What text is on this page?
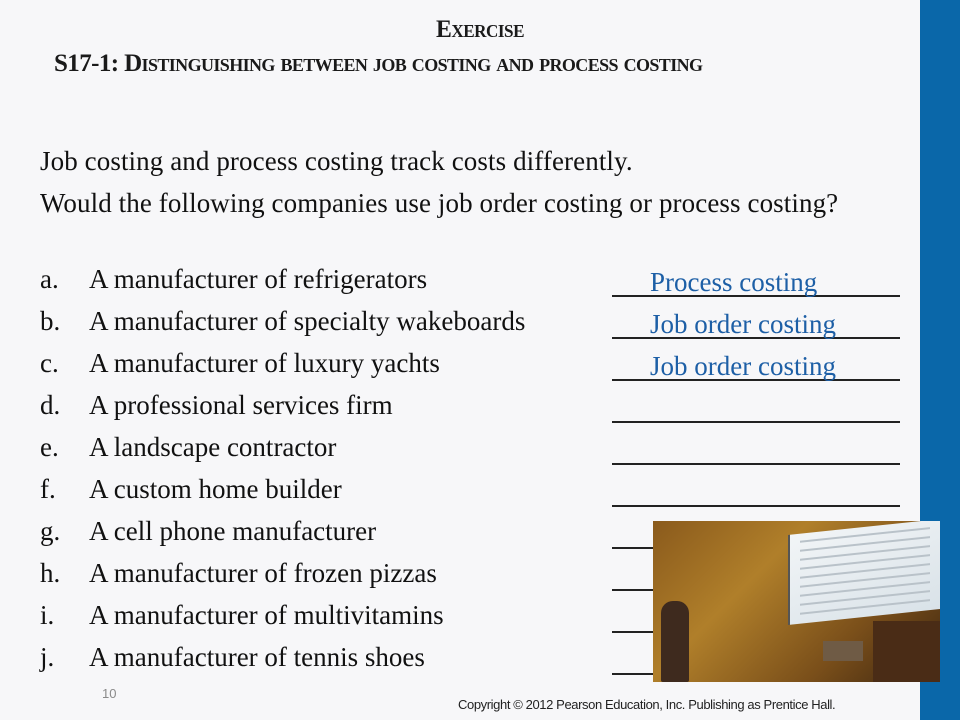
Exercise
S17-1: Distinguishing between job costing and process costing

Job costing and process costing track costs differently.

Would the following companies use job order costing or process costing?

a. A manufacturer of refrigerators	Process costing
b. A manufacturer of specialty wakeboards	Job order costing
c. A manufacturer of luxury yachts	Job order costing
d. A professional services firm
e. A landscape contractor
f. A custom home builder
g. A cell phone manufacturer
h. A manufacturer of frozen pizzas
i. A manufacturer of multivitamins
j. A manufacturer of tennis shoes
10
Copyright © 2012 Pearson Education, Inc. Publishing as Prentice Hall.
